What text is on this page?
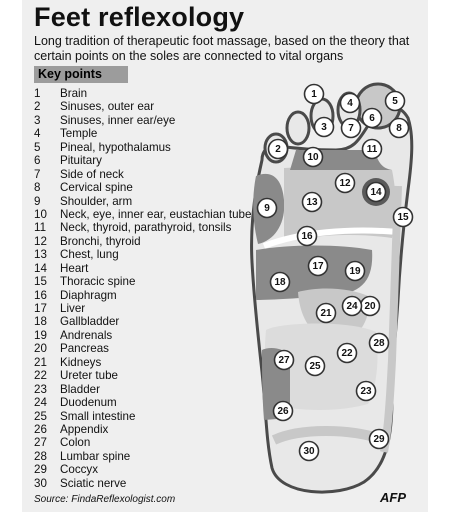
Feet reflexology
Long tradition of therapeutic foot massage, based on the theory that certain points on the soles are connected to vital organs
Key points
1	Brain
2	Sinuses, outer ear
3	Sinuses, inner ear/eye
4	Temple
5	Pineal, hypothalamus
6	Pituitary
7	Side of neck
8	Cervical spine
9	Shoulder, arm
10	Neck, eye, inner ear, eustachian tube
11	Neck, thyroid, parathyroid, tonsils
12	Bronchi, thyroid
13	Chest, lung
14	Heart
15	Thoracic spine
16	Diaphragm
17	Liver
18	Gallbladder
19	Andrenals
20	Pancreas
21	Kidneys
22	Ureter tube
23	Bladder
24	Duodenum
25	Small intestine
26	Appendix
27	Colon
28	Lumbar spine
29	Coccyx
30	Sciatic nerve
1
2
3
4	5
6
7	8
9
10
11
12
13
14
15
16
17
18
19
20
21
22
23
24
25
26
27
28
29
30
Source: FindaReflexologist.com	AFP
